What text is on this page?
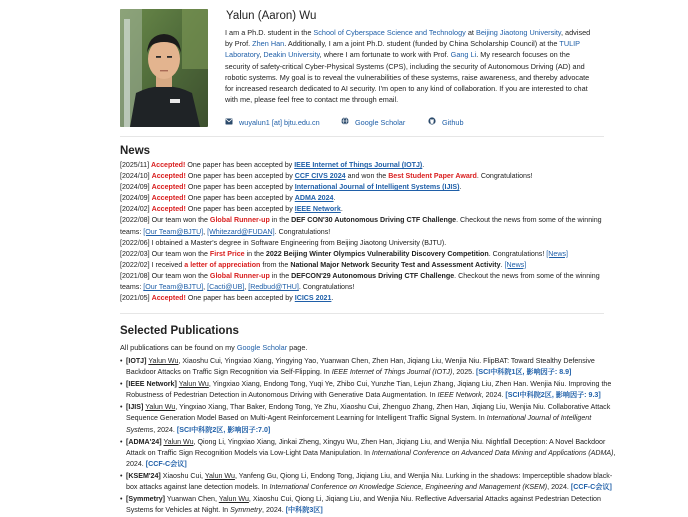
Yalun (Aaron) Wu

I am a Ph.D. student in the School of Cyberspace Science and Technology at Beijing Jiaotong University, advised by Prof. Zhen Han. Additionally, I am a joint Ph.D. student (funded by China Scholarship Council) at the TULIP Laboratory, Deakin University, where I am fortunate to work with Prof. Gang Li. My research focuses on the security of safety-critical Cyber-Physical Systems (CPS), including the security of Autonomous Driving (AD) and robotic systems. My goal is to reveal the vulnerabilities of these systems, raise awareness, and thereby advocate for increased research dedicated to AI security. I'm open to any kind of collaboration. If you are interested to chat with me, please feel free to contact me through email.

wuyalun1 [at] bjtu.edu.cn	Google Scholar	Github
News
[2025/11] Accepted! One paper has been accepted by IEEE Internet of Things Journal (IOTJ).
[2024/10] Accepted! One paper has been accepted by CCF CIVS 2024 and won the Best Student Paper Award. Congratulations!
[2024/09] Accepted! One paper has been accepted by International Journal of Intelligent Systems (IJIS).
[2024/09] Accepted! One paper has been accepted by ADMA 2024.
[2024/02] Accepted! One paper has been accepted by IEEE Network.
[2022/08] Our team won the Global Runner-up in the DEF CON'30 Autonomous Driving CTF Challenge. Checkout the news from some of the winning teams: [Our Team@BJTU], [Whitezard@FUDAN]. Congratulations!
[2022/06] I obtained a Master's degree in Software Engineering from Beijing Jiaotong University (BJTU).
[2022/03] Our team won the First Price in the 2022 Beijing Winter Olympics Vulnerability Discovery Competition. Congratulations! [News]
[2022/02] I received a letter of appreciation from the National Major Network Security Test and Assessment Activity. [News]
[2021/08] Our team won the Global Runner-up in the DEFCON'29 Autonomous Driving CTF Challenge. Checkout the news from some of the winning teams: [Our Team@BJTU], [Cacti@UB], [Redbud@THU]. Congratulations!
[2021/05] Accepted! One paper has been accepted by ICICS 2021.
Selected Publications

All publications can be found on my Google Scholar page.

• [IOTJ] Yalun Wu, Xiaoshu Cui, Yingxiao Xiang, Yingying Yao, Yuanwan Chen, Zhen Han, Jiqiang Liu, Wenjia Niu. FlipBAT: Toward Stealthy Defensive Backdoor Attacks on Traffic Sign Recognition via Self-Flipping. In IEEE Internet of Things Journal (IOTJ), 2025. [SCI中科院1区, 影响因子: 8.9]
• [IEEE Network] Yalun Wu, Yingxiao Xiang, Endong Tong, Yuqi Ye, Zhibo Cui, Yunzhe Tian, Lejun Zhang, Jiqiang Liu, Zhen Han. Wenjia Niu. Improving the Robustness of Pedestrian Detection in Autonomous Driving with Generative Data Augmentation. In IEEE Network, 2024. [SCI中科院2区, 影响因子: 9.3]
• [IJIS] Yalun Wu, Yingxiao Xiang, Thar Baker, Endong Tong, Ye Zhu, Xiaoshu Cui, Zhenguo Zhang, Zhen Han, Jiqiang Liu, Wenjia Niu. Collaborative Attack Sequence Generation Model Based on Multi-Agent Reinforcement Learning for Intelligent Traffic Signal System. In International Journal of Intelligent Systems, 2024. [SCI中科院2区, 影响因子:7.0]
• [ADMA'24] Yalun Wu, Qiong Li, Yingxiao Xiang, Jinkai Zheng, Xingyu Wu, Zhen Han, Jiqiang Liu, and Wenjia Niu. Nightfall Deception: A Novel Backdoor Attack on Traffic Sign Recognition Models via Low-Light Data Manipulation. In International Conference on Advanced Data Mining and Applications (ADMA), 2024. [CCF-C会议]
• [KSEM'24] Xiaoshu Cui, Yalun Wu, Yanfeng Gu, Qiong Li, Endong Tong, Jiqiang Liu, and Wenjia Niu. Lurking in the shadows: Imperceptible shadow black-box attacks against lane detection models. In International Conference on Knowledge Science, Engineering and Management (KSEM), 2024. [CCF-C会议]
• [Symmetry] Yuanwan Chen, Yalun Wu, Xiaoshu Cui, Qiong Li, Jiqiang Liu, and Wenjia Niu. Reflective Adversarial Attacks against Pedestrian Detection Systems for Vehicles at Night. In Symmetry, 2024. [中科院3区]
